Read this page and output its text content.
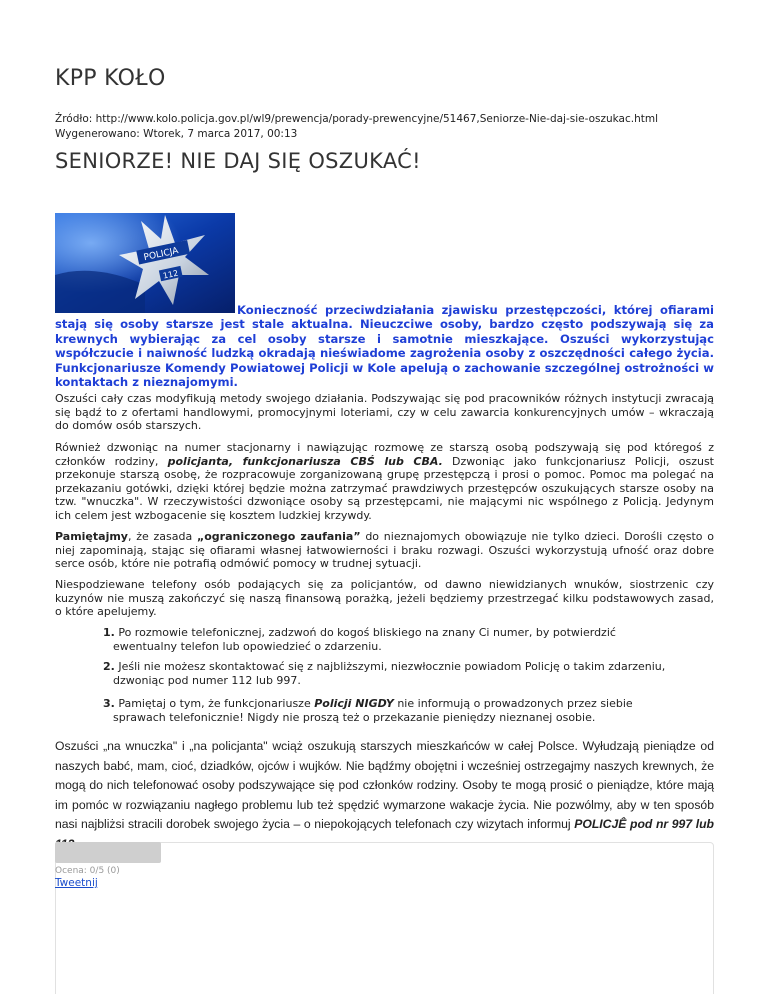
KPP KOŁO
Źródło: http://www.kolo.policja.gov.pl/wl9/prewencja/porady-prewencyjne/51467,Seniorze-Nie-daj-sie-oszukac.html
Wygenerowano: Wtorek, 7 marca 2017, 00:13
SENIORZE! NIE DAJ SIĘ OSZUKAĆ!
POLICJA
112
Konieczność przeciwdziałania zjawisku przestępczości, której ofiarami stają się osoby starsze jest stale aktualna. Nieuczciwe osoby, bardzo często podszywają się za krewnych wybierając za cel osoby starsze i samotnie mieszkające. Oszuści wykorzystując współczucie i naiwność ludzką okradają nieświadome zagrożenia osoby z oszczędności całego życia. Funkcjonariusze Komendy Powiatowej Policji w Kole apelują o zachowanie szczególnej ostrożności w kontaktach z nieznajomymi.
Oszuści cały czas modyfikują metody swojego działania. Podszywając się pod pracowników różnych instytucji zwracają się bądź to z ofertami handlowymi, promocyjnymi loteriami, czy w celu zawarcia konkurencyjnych umów – wkraczają do domów osób starszych.
Również dzwoniąc na numer stacjonarny i nawiązując rozmowę ze starszą osobą podszywają się pod któregoś z członków rodziny, policjanta, funkcjonariusza CBŚ lub CBA. Dzwoniąc jako funkcjonariusz Policji, oszust przekonuje starszą osobę, że rozpracowuje zorganizowaną grupę przestępczą i prosi o pomoc. Pomoc ma polegać na przekazaniu gotówki, dzięki której będzie można zatrzymać prawdziwych przestępców oszukujących starsze osoby na tzw. "wnuczka". W rzeczywistości dzwoniące osoby są przestępcami, nie mającymi nic wspólnego z Policją. Jedynym ich celem jest wzbogacenie się kosztem ludzkiej krzywdy.
Pamiętajmy, że zasada „ograniczonego zaufania” do nieznajomych obowiązuje nie tylko dzieci. Dorośli często o niej zapominają, stając się ofiarami własnej łatwowierności i braku rozwagi. Oszuści wykorzystują ufność oraz dobre serce osób, które nie potrafią odmówić pomocy w trudnej sytuacji.
Niespodziewane telefony osób podających się za policjantów, od dawno niewidzianych wnuków, siostrzenic czy kuzynów nie muszą zakończyć się naszą finansową porażką, jeżeli będziemy przestrzegać kilku podstawowych zasad, o które apelujemy.
1. Po rozmowie telefonicznej, zadzwoń do kogoś bliskiego na znany Ci numer, by potwierdzić
ewentualny telefon lub opowiedzieć o zdarzeniu.
2. Jeśli nie możesz skontaktować się z najbliższymi, niezwłocznie powiadom Policję o takim zdarzeniu,
dzwoniąc pod numer 112 lub 997.
3. Pamiętaj o tym, że funkcjonariusze Policji NIGDY nie informują o prowadzonych przez siebie
sprawach telefonicznie! Nigdy nie proszą też o przekazanie pieniędzy nieznanej osobie.
Oszuści „na wnuczka" i „na policjanta" wciąż oszukują starszych mieszkańców w całej Polsce. Wyłudzają pieniądze od naszych babć, mam, cioć, dziadków, ojców i wujków. Nie bądźmy obojętni i wcześniej ostrzegajmy naszych krewnych, że mogą do nich telefonować osoby podszywające się pod członków rodziny. Osoby te mogą prosić o pieniądze, które mają im pomóc w rozwiązaniu nagłego problemu lub też spędzić wymarzone wakacje życia. Nie pozwólmy, aby w ten sposób nasi najbliżsi stracili dorobek swojego życia – o niepokojących telefonach czy wizytach informuj POLICJÊ pod nr 997 lub
Ocena: 0/5 (0)
Tweetnij
